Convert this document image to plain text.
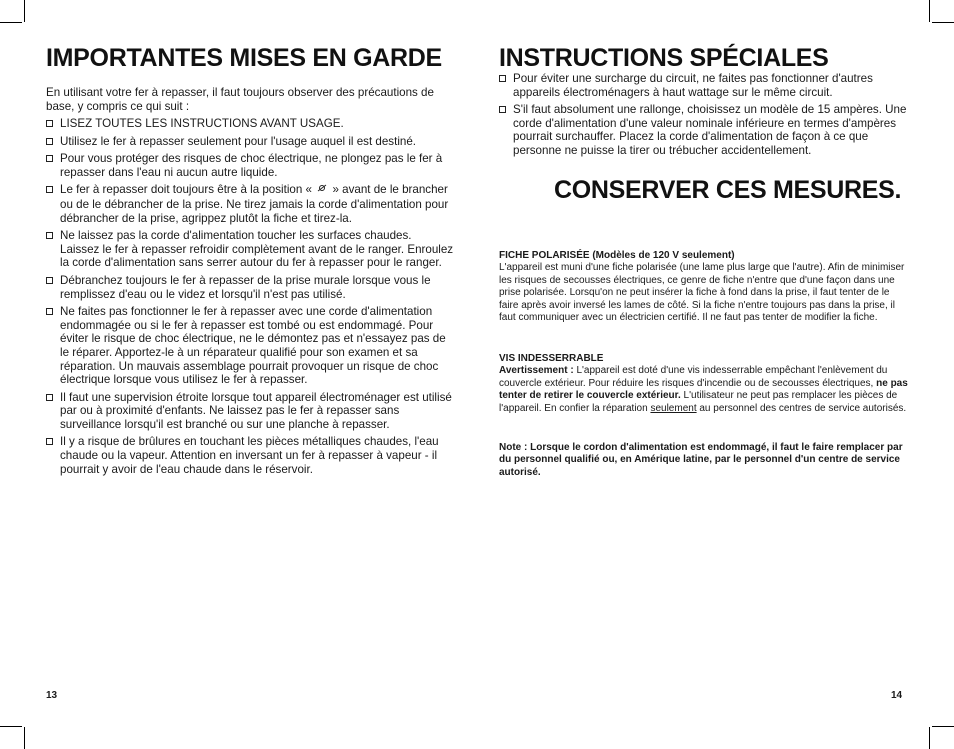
IMPORTANTES MISES EN GARDE
En utilisant votre fer à repasser, il faut toujours observer des précautions de base, y compris ce qui suit :
LISEZ TOUTES LES INSTRUCTIONS AVANT USAGE.
Utilisez le fer à repasser seulement pour l'usage auquel il est destiné.
Pour vous protéger des risques de choc électrique, ne plongez pas le fer à repasser dans l'eau ni aucun autre liquide.
Le fer à repasser doit toujours être à la position « » avant de le brancher ou de le débrancher de la prise. Ne tirez jamais la corde d'alimentation pour débrancher de la prise, agrippez plutôt la fiche et tirez-la.
Ne laissez pas la corde d'alimentation toucher les surfaces chaudes. Laissez le fer à repasser refroidir complètement avant de le ranger. Enroulez la corde d'alimentation sans serrer autour du fer à repasser pour le ranger.
Débranchez toujours le fer à repasser de la prise murale lorsque vous le remplissez d'eau ou le videz et lorsqu'il n'est pas utilisé.
Ne faites pas fonctionner le fer à repasser avec une corde d'alimentation endommagée ou si le fer à repasser est tombé ou est endommagé. Pour éviter le risque de choc électrique, ne le démontez pas et n'essayez pas de le réparer. Apportez-le à un réparateur qualifié pour son examen et sa réparation. Un mauvais assemblage pourrait provoquer un risque de choc électrique lorsque vous utilisez le fer à repasser.
Il faut une supervision étroite lorsque tout appareil électroménager est utilisé par ou à proximité d'enfants. Ne laissez pas le fer à repasser sans surveillance lorsqu'il est branché ou sur une planche à repasser.
Il y a risque de brûlures en touchant les pièces métalliques chaudes, l'eau chaude ou la vapeur. Attention en inversant un fer à repasser à vapeur - il pourrait y avoir de l'eau chaude dans le réservoir.
13
INSTRUCTIONS SPÉCIALES
Pour éviter une surcharge du circuit, ne faites pas fonctionner d'autres appareils électroménagers à haut wattage sur le même circuit.
S'il faut absolument une rallonge, choisissez un modèle de 15 ampères. Une corde d'alimentation d'une valeur nominale inférieure en termes d'ampères pourrait surchauffer. Placez la corde d'alimentation de façon à ce que personne ne puisse la tirer ou trébucher accidentellement.
CONSERVER CES MESURES.
FICHE POLARISÉE (Modèles de 120 V seulement)
L'appareil est muni d'une fiche polarisée (une lame plus large que l'autre). Afin de minimiser les risques de secousses électriques, ce genre de fiche n'entre que d'une façon dans une prise polarisée. Lorsqu'on ne peut insérer la fiche à fond dans la prise, il faut tenter de le faire après avoir inversé les lames de côté. Si la fiche n'entre toujours pas dans la prise, il faut communiquer avec un électricien certifié. Il ne faut pas tenter de modifier la fiche.
VIS INDESSERRABLE
Avertissement : L'appareil est doté d'une vis indesserrable empêchant l'enlèvement du couvercle extérieur. Pour réduire les risques d'incendie ou de secousses électriques, ne pas tenter de retirer le couvercle extérieur. L'utilisateur ne peut pas remplacer les pièces de l'appareil. En confier la réparation seulement au personnel des centres de service autorisés.
Note : Lorsque le cordon d'alimentation est endommagé, il faut le faire remplacer par du personnel qualifié ou, en Amérique latine, par le personnel d'un centre de service autorisé.
14
